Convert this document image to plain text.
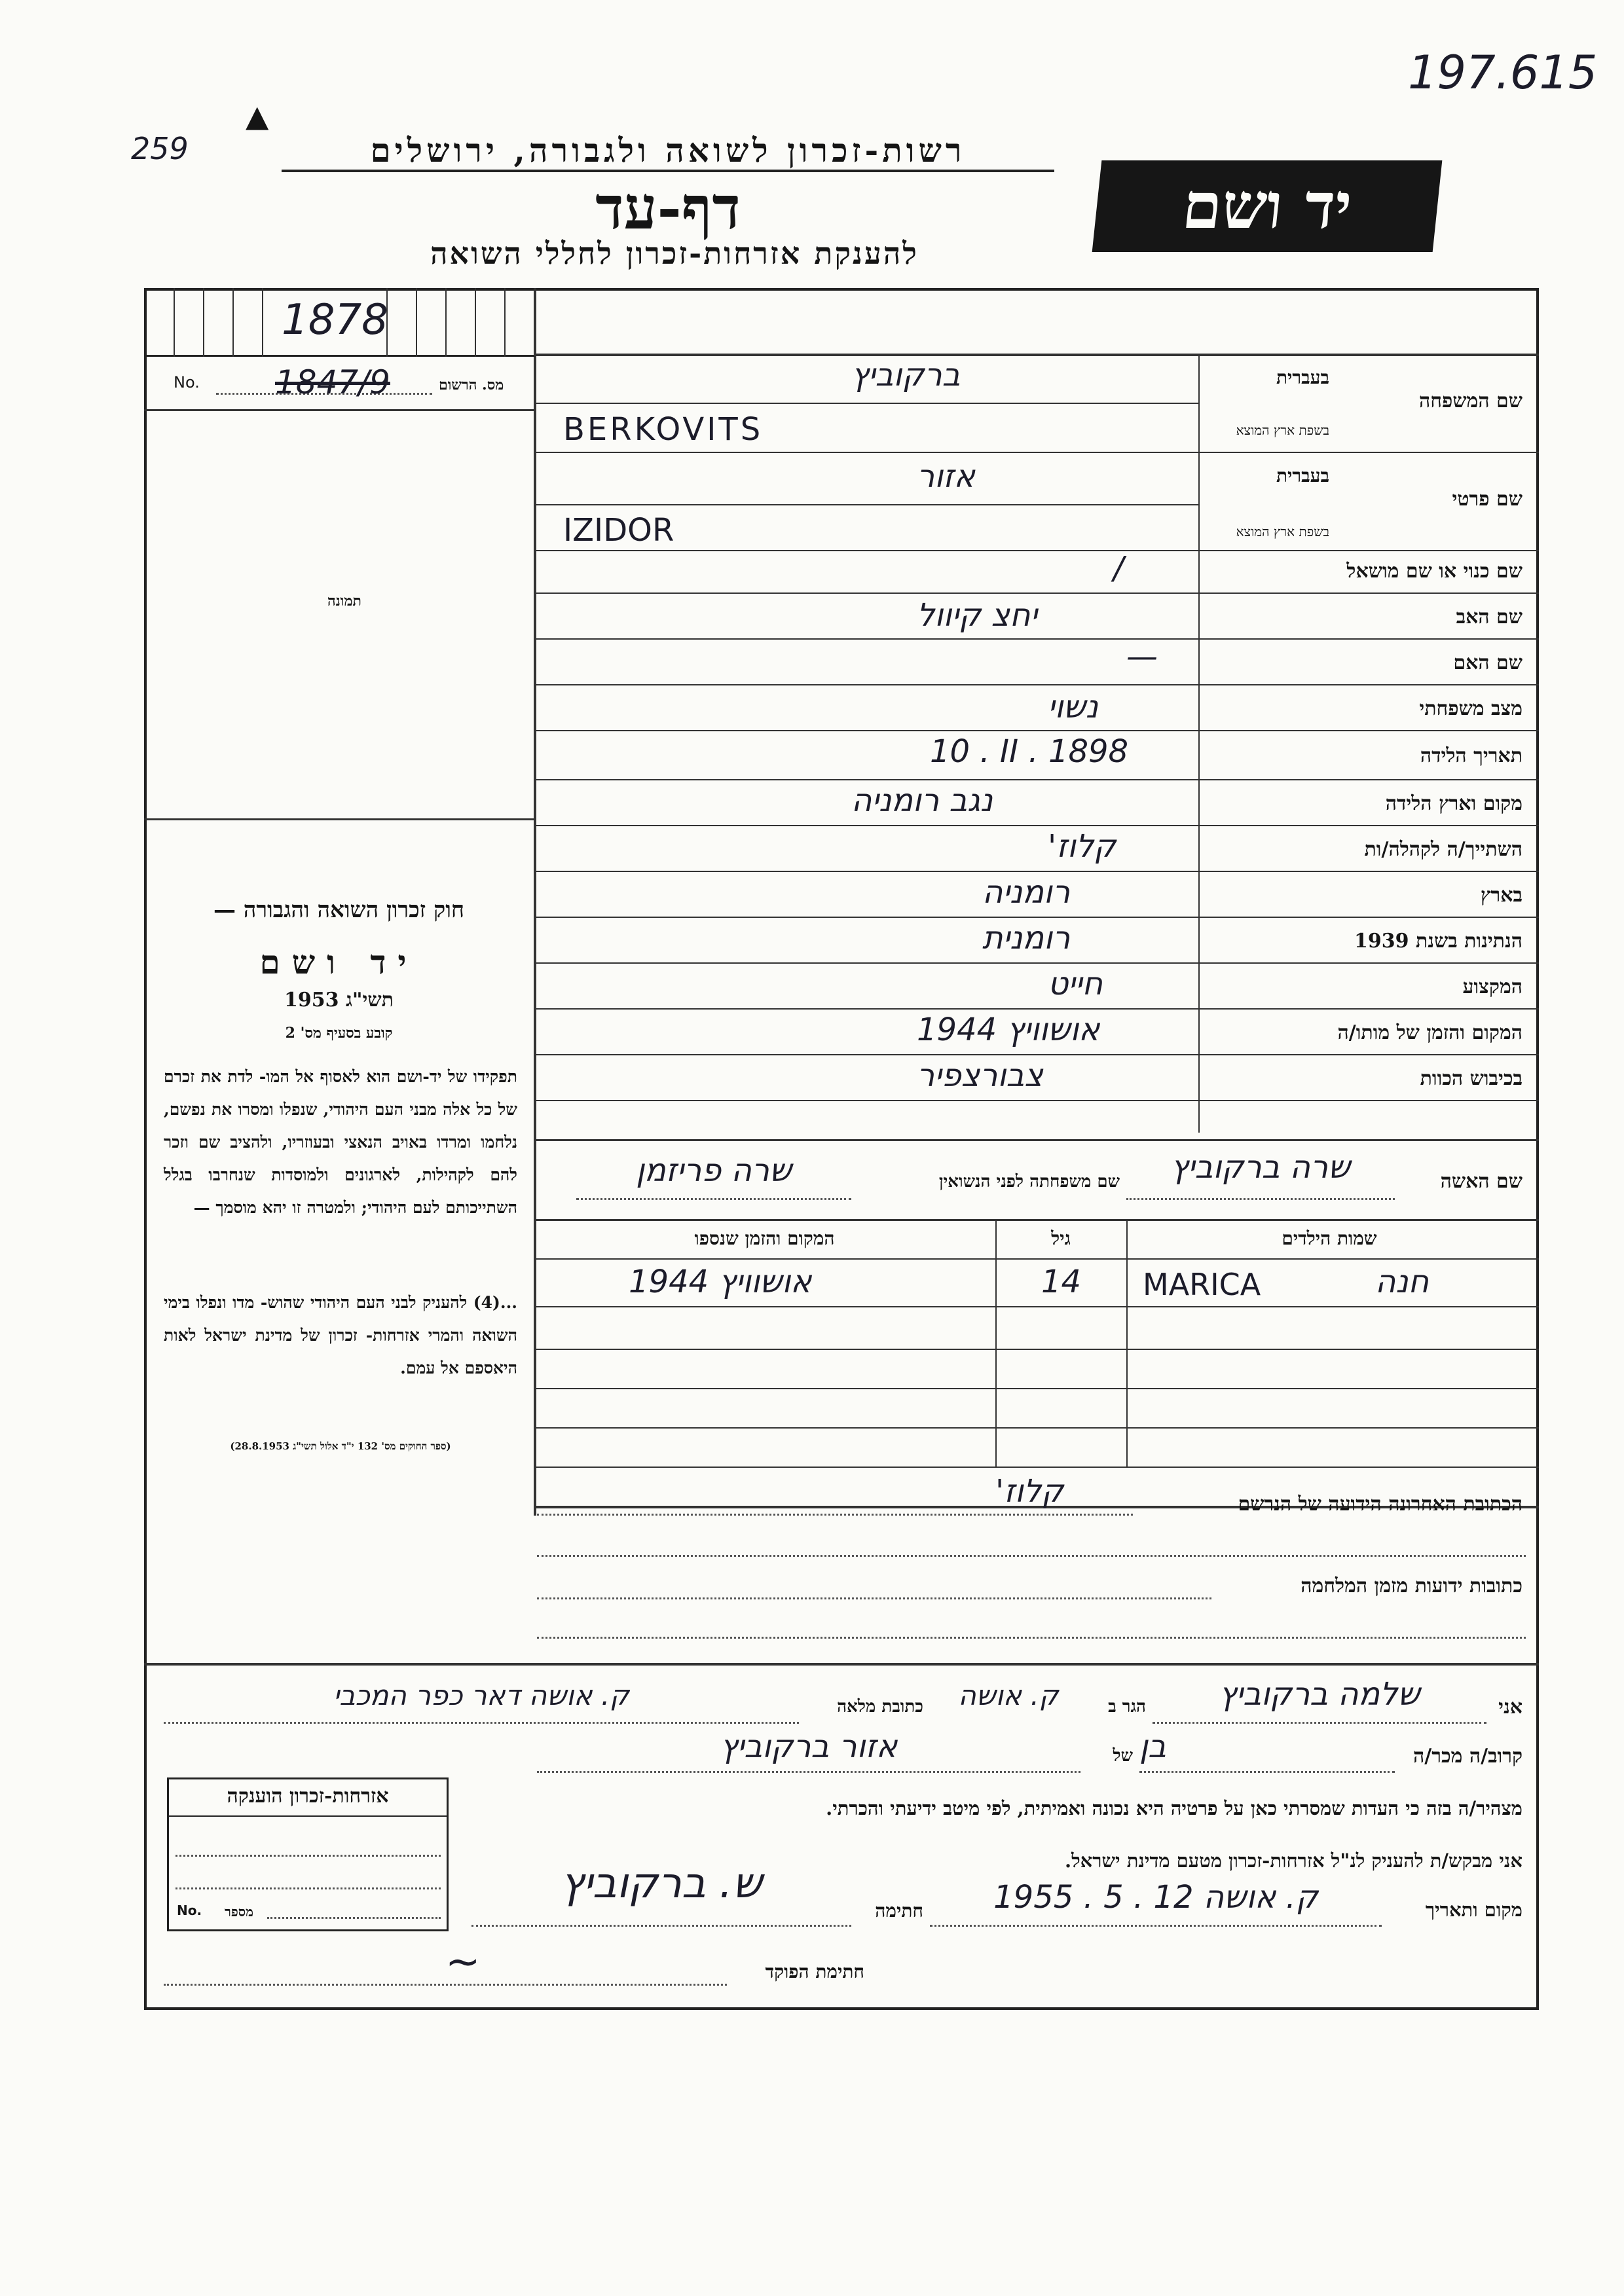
197.615
259
▲
רשות-זכרון לשואה ולגבורה, ירושלים
דף-עד
להענקת אזרחות-זכרון לחללי השואה
יד ושם
1878
No.	מס. הרשום
1847/9
תמונה
בעברית
בשפת ארץ המוצא
שם המשפחה
בעברית
בשפת ארץ המוצא
שם פרטי
שם כנוי או שם מושאל
שם האב
שם האם
מצב משפחתי
תאריך הלידה
מקום וארץ הלידה
השתייך/ה לקהלה/ות
בארץ
הנתינות בשנת 1939
המקצוע
המקום והזמן של מותו/ה
בכיבוש הכוות
ברקוביץ
BERKOVITS
אזור
IZIDOR
/
יחצ קיוול
—
נשוי
10 . II . 1898
נגב רומניה
קלוז'
רומניה
רומנית
חייט
אושוויץ 1944
צבורצפיר
חוק זכרון השואה והגבורה —
יד ושם
תשי"ג 1953
קובע בסעיף מס' 2
תפקידו של יד-ושם הוא לאסוף אל המו- לדת את זכרם של כל אלה מבני העם היהודי, שנפלו ומסרו את נפשם, נלחמו ומרדו באויב הנאצי ובעוזריו, ולהציב שם וזכר להם לקהילות, לארגונים ולמוסדות שנחרבו בגלל השתייכותם לעם היהודי; ולמטרה זו יהא מוסמך —
...(4) להעניק לבני העם היהודי שהוש- מדו ונפלו בימי השואה והמרי אזרחות- זכרון של מדינת ישראל לאות היאספם אל עמם.
(ספר החוקים מס' 132 י"ד אלול תשי"ג 28.8.1953)
שם האשה
שרה ברקוביץ
שם משפחתה לפני הנשואין
שרה פריזמן
שמות הילדים
גיל
המקום והזמן שנספו
חנה
MARICA
14
אושוויץ 1944
הכתובת האחרונה הידועה של הנרשם
קלוז'
כתובות ידועות מזמן המלחמה
אני
שלמה ברקוביץ
הגר ב
ק. אושה
כתובת מלאה
ק. אושה דאר כפר המכבי
קרוב/ה מכר/ה
בן
של
אזור ברקוביץ
מצהיר/ה בזה כי העדות שמסרתי כאן על פרטיה היא נכונה ואמיתית, לפי מיטב ידיעתי והכרתי.
אני מבקש/ת להעניק לנ"ל אזרחות-זכרון מטעם מדינת ישראל.
מקום ותאריך
ק. אושה 12 . 5 . 1955
חתימה
ש. ברקוביץ
חתימת הפוקד
~
אזרחות-זכרון הוענקה
No. מספר
